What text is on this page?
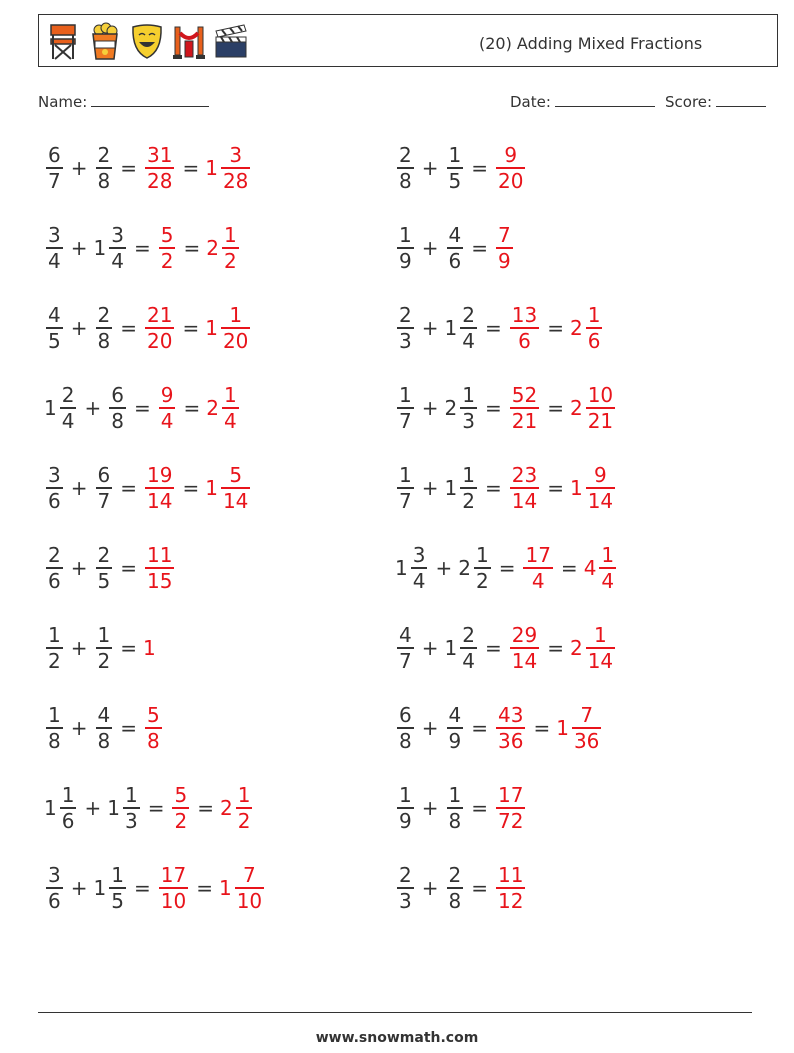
(20) Adding Mixed Fractions
Name:	Date:	Score:
$\frac{6}{7} + \frac{2}{8} = \frac{31}{28} = 1 \frac{3}{28}$
$\frac{3}{4} + 1 \frac{3}{4} = \frac{5}{2} = 2 \frac{1}{2}$
$\frac{4}{5} + \frac{2}{8} = \frac{21}{20} = 1 \frac{1}{20}$
$1 \frac{2}{4} + \frac{6}{8} = \frac{9}{4} = 2 \frac{1}{4}$
$\frac{3}{6} + \frac{6}{7} = \frac{19}{14} = 1 \frac{5}{14}$
$\frac{2}{6} + \frac{2}{5} = \frac{11}{15}$
$\frac{1}{2} + \frac{1}{2} = 1$
$\frac{1}{8} + \frac{4}{8} = \frac{5}{8}$
$1 \frac{1}{6} + 1 \frac{1}{3} = \frac{5}{2} = 2 \frac{1}{2}$
$\frac{3}{6} + 1 \frac{1}{5} = \frac{17}{10} = 1 \frac{7}{10}$
$\frac{2}{8} + \frac{1}{5} = \frac{9}{20}$
$\frac{1}{9} + \frac{4}{6} = \frac{7}{9}$
$\frac{2}{3} + 1 \frac{2}{4} = \frac{13}{6} = 2 \frac{1}{6}$
$\frac{1}{7} + 2 \frac{1}{3} = \frac{52}{21} = 2 \frac{10}{21}$
$\frac{1}{7} + 1 \frac{1}{2} = \frac{23}{14} = 1 \frac{9}{14}$
$1 \frac{3}{4} + 2 \frac{1}{2} = \frac{17}{4} = 4 \frac{1}{4}$
$\frac{4}{7} + 1 \frac{2}{4} = \frac{29}{14} = 2 \frac{1}{14}$
$\frac{6}{8} + \frac{4}{9} = \frac{43}{36} = 1 \frac{7}{36}$
$\frac{1}{9} + \frac{1}{8} = \frac{17}{72}$
$\frac{2}{3} + \frac{2}{8} = \frac{11}{12}$
www.snowmath.com
